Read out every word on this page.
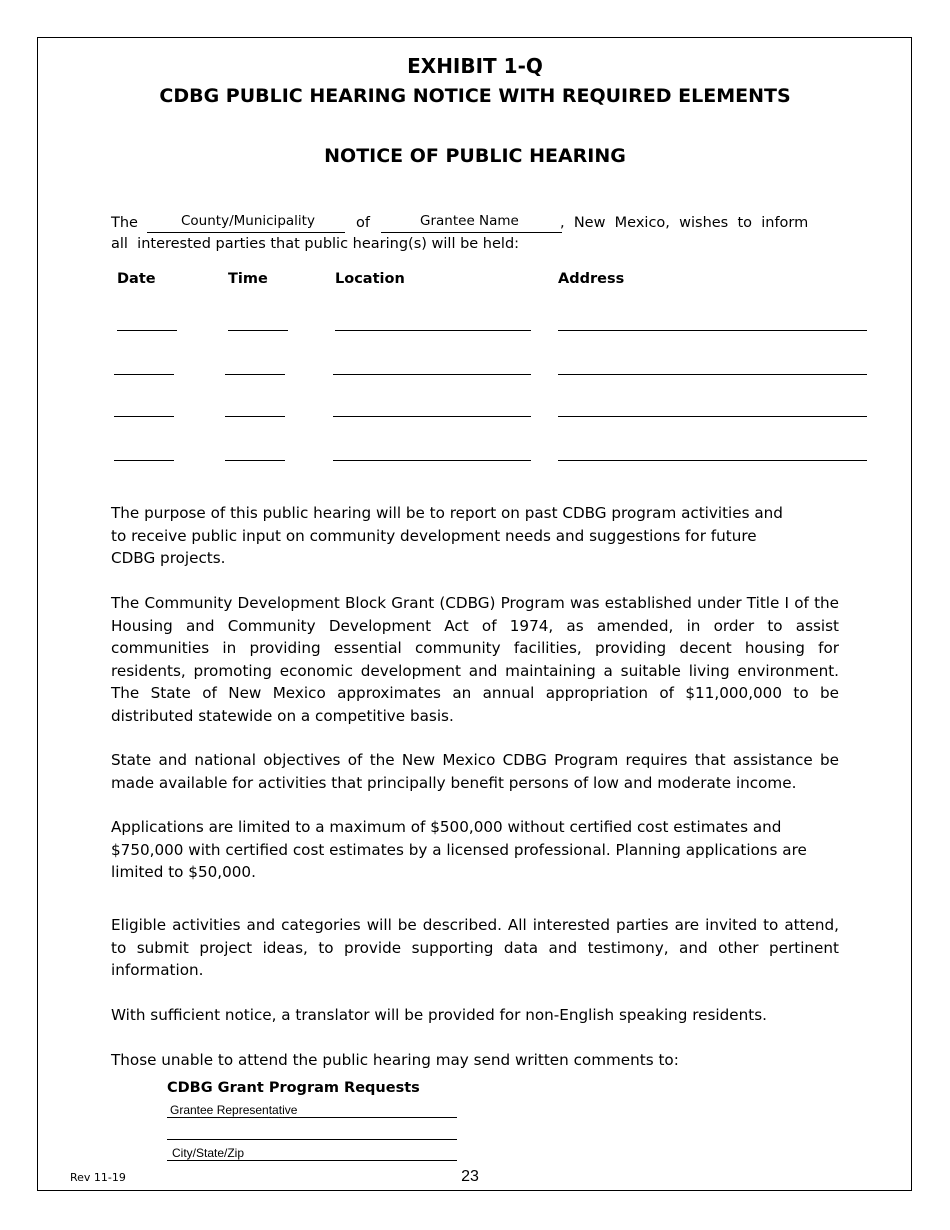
EXHIBIT 1-Q
CDBG PUBLIC HEARING NOTICE WITH REQUIRED ELEMENTS
NOTICE OF PUBLIC HEARING
The	County/Municipality	of	Grantee Name	,  New  Mexico,  wishes  to  inform
all  interested parties that public hearing(s) will be held:
Date	Time	Location	Address
The purpose of this public hearing will be to report on past CDBG program activities and to receive public input on community development needs and suggestions for future CDBG projects.
The Community Development Block Grant (CDBG) Program was established under Title I of the Housing and Community Development Act of 1974, as amended, in order to assist communities in providing essential community facilities, providing decent housing for residents, promoting economic development and maintaining a suitable living environment. The State of New Mexico approximates an annual appropriation of $11,000,000 to be distributed statewide on a competitive basis.
State and national objectives of the New Mexico CDBG Program requires that assistance be made available for activities that principally benefit persons of low and moderate income.
Applications are limited to a maximum of $500,000 without certified cost estimates and $750,000 with certified cost estimates by a licensed professional. Planning applications are limited to $50,000.
Eligible activities and categories will be described. All interested parties are invited to attend, to submit project ideas, to provide supporting data and testimony, and other pertinent information.
With sufficient notice, a translator will be provided for non-English speaking residents.
Those unable to attend the public hearing may send written comments to:
CDBG Grant Program Requests
Grantee Representative
City/State/Zip
Rev 11-19	23
